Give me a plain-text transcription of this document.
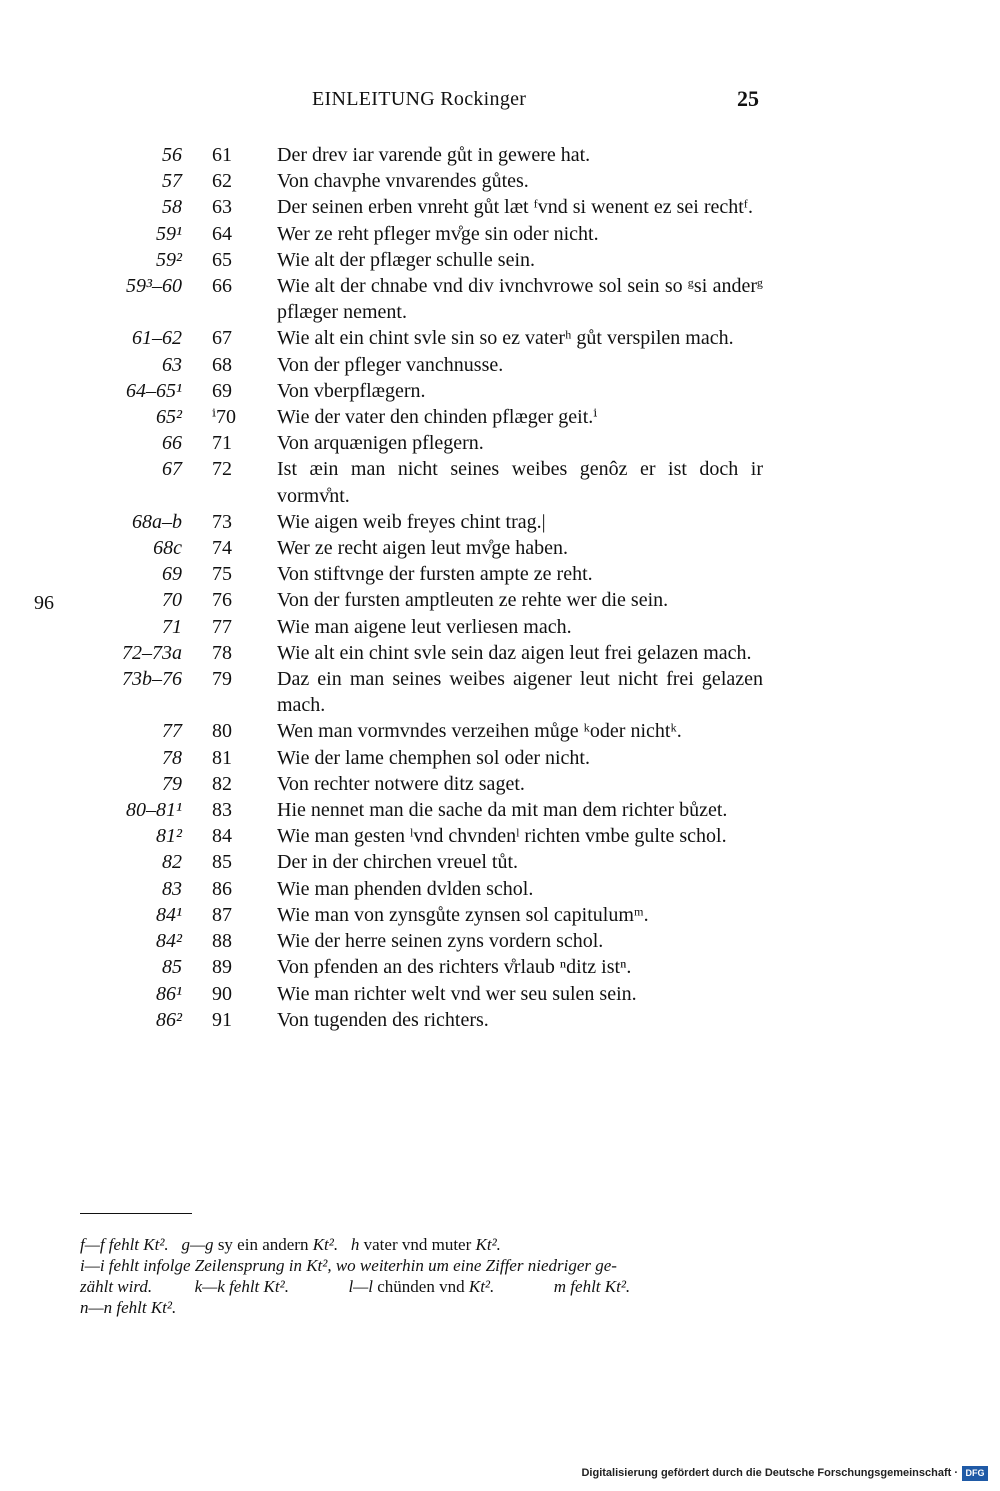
EINLEITUNG Rockinger	25
96
56 61 Der drev iar varende gůt in gewere hat.
57 62 Von chavphe vnvarendes gůtes.
58 63 Der seinen erben vnreht gůt læt ᶠvnd si wenent ez sei rechtᶠ.
59¹ 64 Wer ze reht pfleger mv̊ge sin oder nicht.
59² 65 Wie alt der pflæger schulle sein.
59³–60 66 Wie alt der chnabe vnd div ivnchvrowe sol sein so ᵍsi anderᵍ pflæger nement.
61–62 67 Wie alt ein chint svle sin so ez vaterʰ gůt verspilen mach.
63 68 Von der pfleger vanchnusse.
64–65¹ 69 Von vberpflægern.
65² ⁱ70 Wie der vater den chinden pflæger geit.ⁱ
66 71 Von arquænigen pflegern.
67 72 Ist æin man nicht seines weibes genôz er ist doch ir vormv̊nt.
68a–b 73 Wie aigen weib freyes chint trag.|
68c 74 Wer ze recht aigen leut mv̊ge haben.
69 75 Von stiftvnge der fursten ampte ze reht.
70 76 Von der fursten amptleuten ze rehte wer die sein.
71 77 Wie man aigene leut verliesen mach.
72–73a 78 Wie alt ein chint svle sein daz aigen leut frei gelazen mach.
73b–76 79 Daz ein man seines weibes aigener leut nicht frei gelazen mach.
77 80 Wen man vormvndes verzeihen můge ᵏoder nichtᵏ.
78 81 Wie der lame chemphen sol oder nicht.
79 82 Von rechter notwere ditz saget.
80–81¹ 83 Hie nennet man die sache da mit man dem richter bůzet.
81² 84 Wie man gesten ˡvnd chvndenˡ richten vmbe gulte schol.
82 85 Der in der chirchen vreuel tůt.
83 86 Wie man phenden dvlden schol.
84¹ 87 Wie man von zynsgůte zynsen sol capitulumᵐ.
84² 88 Wie der herre seinen zyns vordern schol.
85 89 Von pfenden an des richters v̊rlaub ⁿditz istⁿ.
86¹ 90 Wie man richter welt vnd wer seu sulen sein.
86² 91 Von tugenden des richters.
f—f fehlt Kt². g—g sy ein andern Kt². h vater vnd muter Kt².
i—i fehlt infolge Zeilensprung in Kt², wo weiterhin um eine Ziffer niedriger ge-
zählt wird.	k—k fehlt Kt².	l—l chünden vnd Kt².	m fehlt Kt².
n—n fehlt Kt².
Digitalisierung gefördert durch die Deutsche Forschungsgemeinschaft · DFG
